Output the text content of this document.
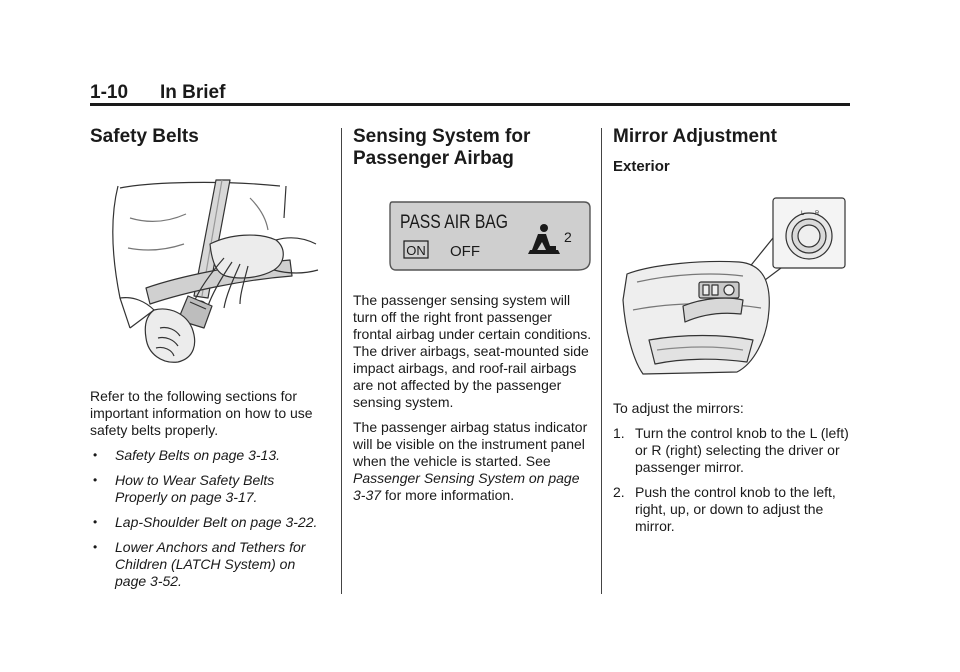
1-10 In Brief
Safety Belts

Refer to the following sections for important information on how to use safety belts properly.

• Safety Belts on page 3-13.
• How to Wear Safety Belts Properly on page 3-17.
• Lap-Shoulder Belt on page 3-22.
• Lower Anchors and Tethers for Children (LATCH System) on page 3-52.
Sensing System for
Passenger Airbag
PASS AIR BAG
ON OFF
2

The passenger sensing system will turn off the right front passenger frontal airbag under certain conditions. The driver airbags, seat-mounted side impact airbags, and roof-rail airbags are not affected by the passenger sensing system.

The passenger airbag status indicator will be visible on the instrument panel when the vehicle is started. See Passenger Sensing System on page 3-37 for more information.

Mirror Adjustment
Exterior
L R

To adjust the mirrors:

1. Turn the control knob to the L (left) or R (right) selecting the driver or passenger mirror.
2. Push the control knob to the left, right, up, or down to adjust the mirror.
